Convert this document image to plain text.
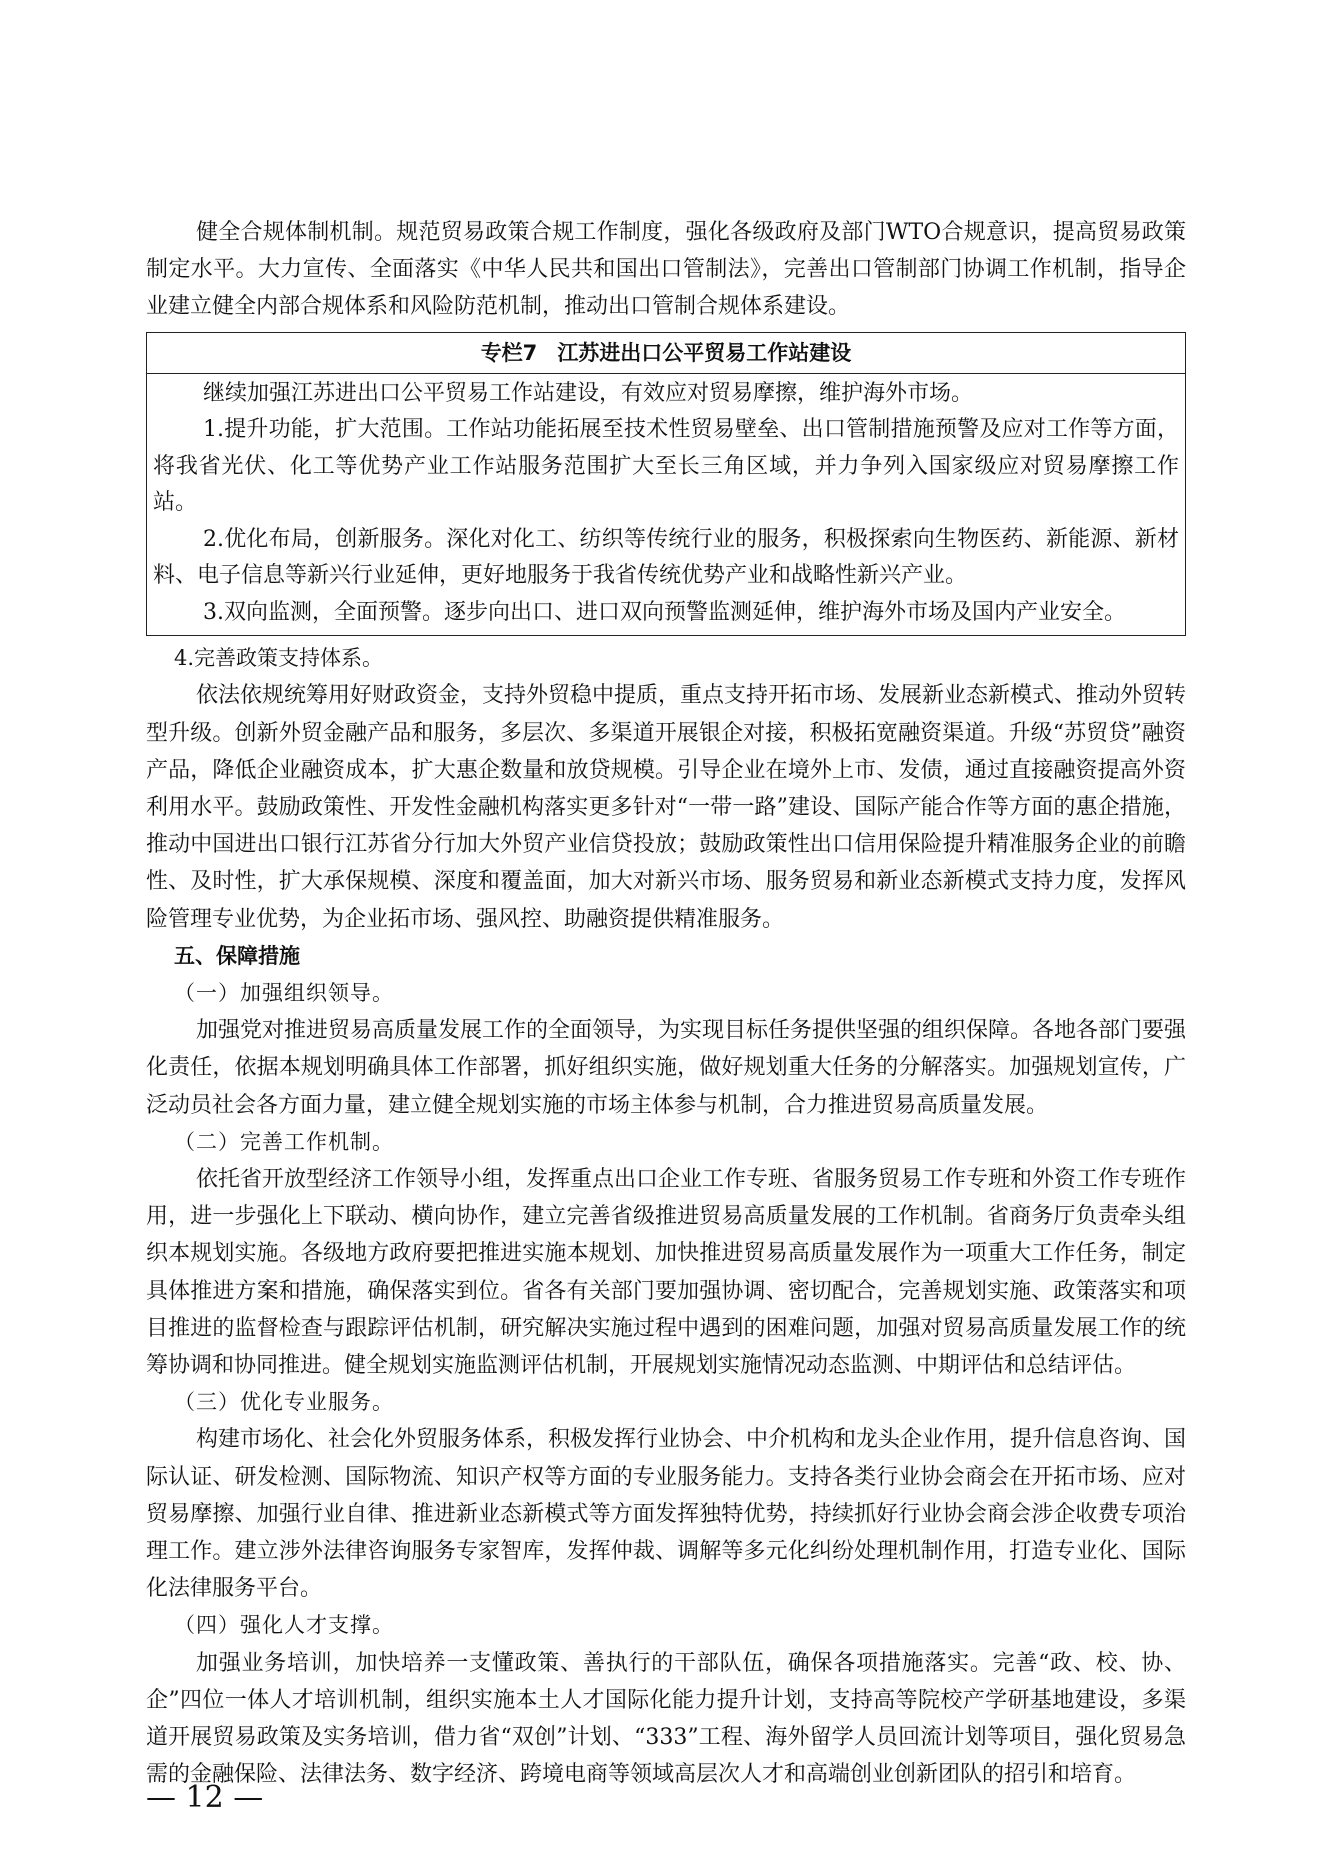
健全合规体制机制。规范贸易政策合规工作制度，强化各级政府及部门WTO合规意识，提高贸易政策制定水平。大力宣传、全面落实《中华人民共和国出口管制法》，完善出口管制部门协调工作机制，指导企业建立健全内部合规体系和风险防范机制，推动出口管制合规体系建设。

专栏7 江苏进出口公平贸易工作站建设

继续加强江苏进出口公平贸易工作站建设，有效应对贸易摩擦，维护海外市场。

1.提升功能，扩大范围。工作站功能拓展至技术性贸易壁垒、出口管制措施预警及应对工作等方面，将我省光伏、化工等优势产业工作站服务范围扩大至长三角区域，并力争列入国家级应对贸易摩擦工作站。

2.优化布局，创新服务。深化对化工、纺织等传统行业的服务，积极探索向生物医药、新能源、新材料、电子信息等新兴行业延伸，更好地服务于我省传统优势产业和战略性新兴产业。

3.双向监测，全面预警。逐步向出口、进口双向预警监测延伸，维护海外市场及国内产业安全。

4.完善政策支持体系。

依法依规统筹用好财政资金，支持外贸稳中提质，重点支持开拓市场、发展新业态新模式、推动外贸转型升级。创新外贸金融产品和服务，多层次、多渠道开展银企对接，积极拓宽融资渠道。升级“苏贸贷”融资产品，降低企业融资成本，扩大惠企数量和放贷规模。引导企业在境外上市、发债，通过直接融资提高外资利用水平。鼓励政策性、开发性金融机构落实更多针对“一带一路”建设、国际产能合作等方面的惠企措施，推动中国进出口银行江苏省分行加大外贸产业信贷投放；鼓励政策性出口信用保险提升精准服务企业的前瞻性、及时性，扩大承保规模、深度和覆盖面，加大对新兴市场、服务贸易和新业态新模式支持力度，发挥风险管理专业优势，为企业拓市场、强风控、助融资提供精准服务。

五、保障措施

（一）加强组织领导。

加强党对推进贸易高质量发展工作的全面领导，为实现目标任务提供坚强的组织保障。各地各部门要强化责任，依据本规划明确具体工作部署，抓好组织实施，做好规划重大任务的分解落实。加强规划宣传，广泛动员社会各方面力量，建立健全规划实施的市场主体参与机制，合力推进贸易高质量发展。

（二）完善工作机制。

依托省开放型经济工作领导小组，发挥重点出口企业工作专班、省服务贸易工作专班和外资工作专班作用，进一步强化上下联动、横向协作，建立完善省级推进贸易高质量发展的工作机制。省商务厅负责牵头组织本规划实施。各级地方政府要把推进实施本规划、加快推进贸易高质量发展作为一项重大工作任务，制定具体推进方案和措施，确保落实到位。省各有关部门要加强协调、密切配合，完善规划实施、政策落实和项目推进的监督检查与跟踪评估机制，研究解决实施过程中遇到的困难问题，加强对贸易高质量发展工作的统筹协调和协同推进。健全规划实施监测评估机制，开展规划实施情况动态监测、中期评估和总结评估。

（三）优化专业服务。

构建市场化、社会化外贸服务体系，积极发挥行业协会、中介机构和龙头企业作用，提升信息咨询、国际认证、研发检测、国际物流、知识产权等方面的专业服务能力。支持各类行业协会商会在开拓市场、应对贸易摩擦、加强行业自律、推进新业态新模式等方面发挥独特优势，持续抓好行业协会商会涉企收费专项治理工作。建立涉外法律咨询服务专家智库，发挥仲裁、调解等多元化纠纷处理机制作用，打造专业化、国际化法律服务平台。

（四）强化人才支撑。

加强业务培训，加快培养一支懂政策、善执行的干部队伍，确保各项措施落实。完善“政、校、协、企”四位一体人才培训机制，组织实施本土人才国际化能力提升计划，支持高等院校产学研基地建设，多渠道开展贸易政策及实务培训，借力省“双创”计划、“333”工程、海外留学人员回流计划等项目，强化贸易急需的金融保险、法律法务、数字经济、跨境电商等领域高层次人才和高端创业创新团队的招引和培育。

— 12 —
